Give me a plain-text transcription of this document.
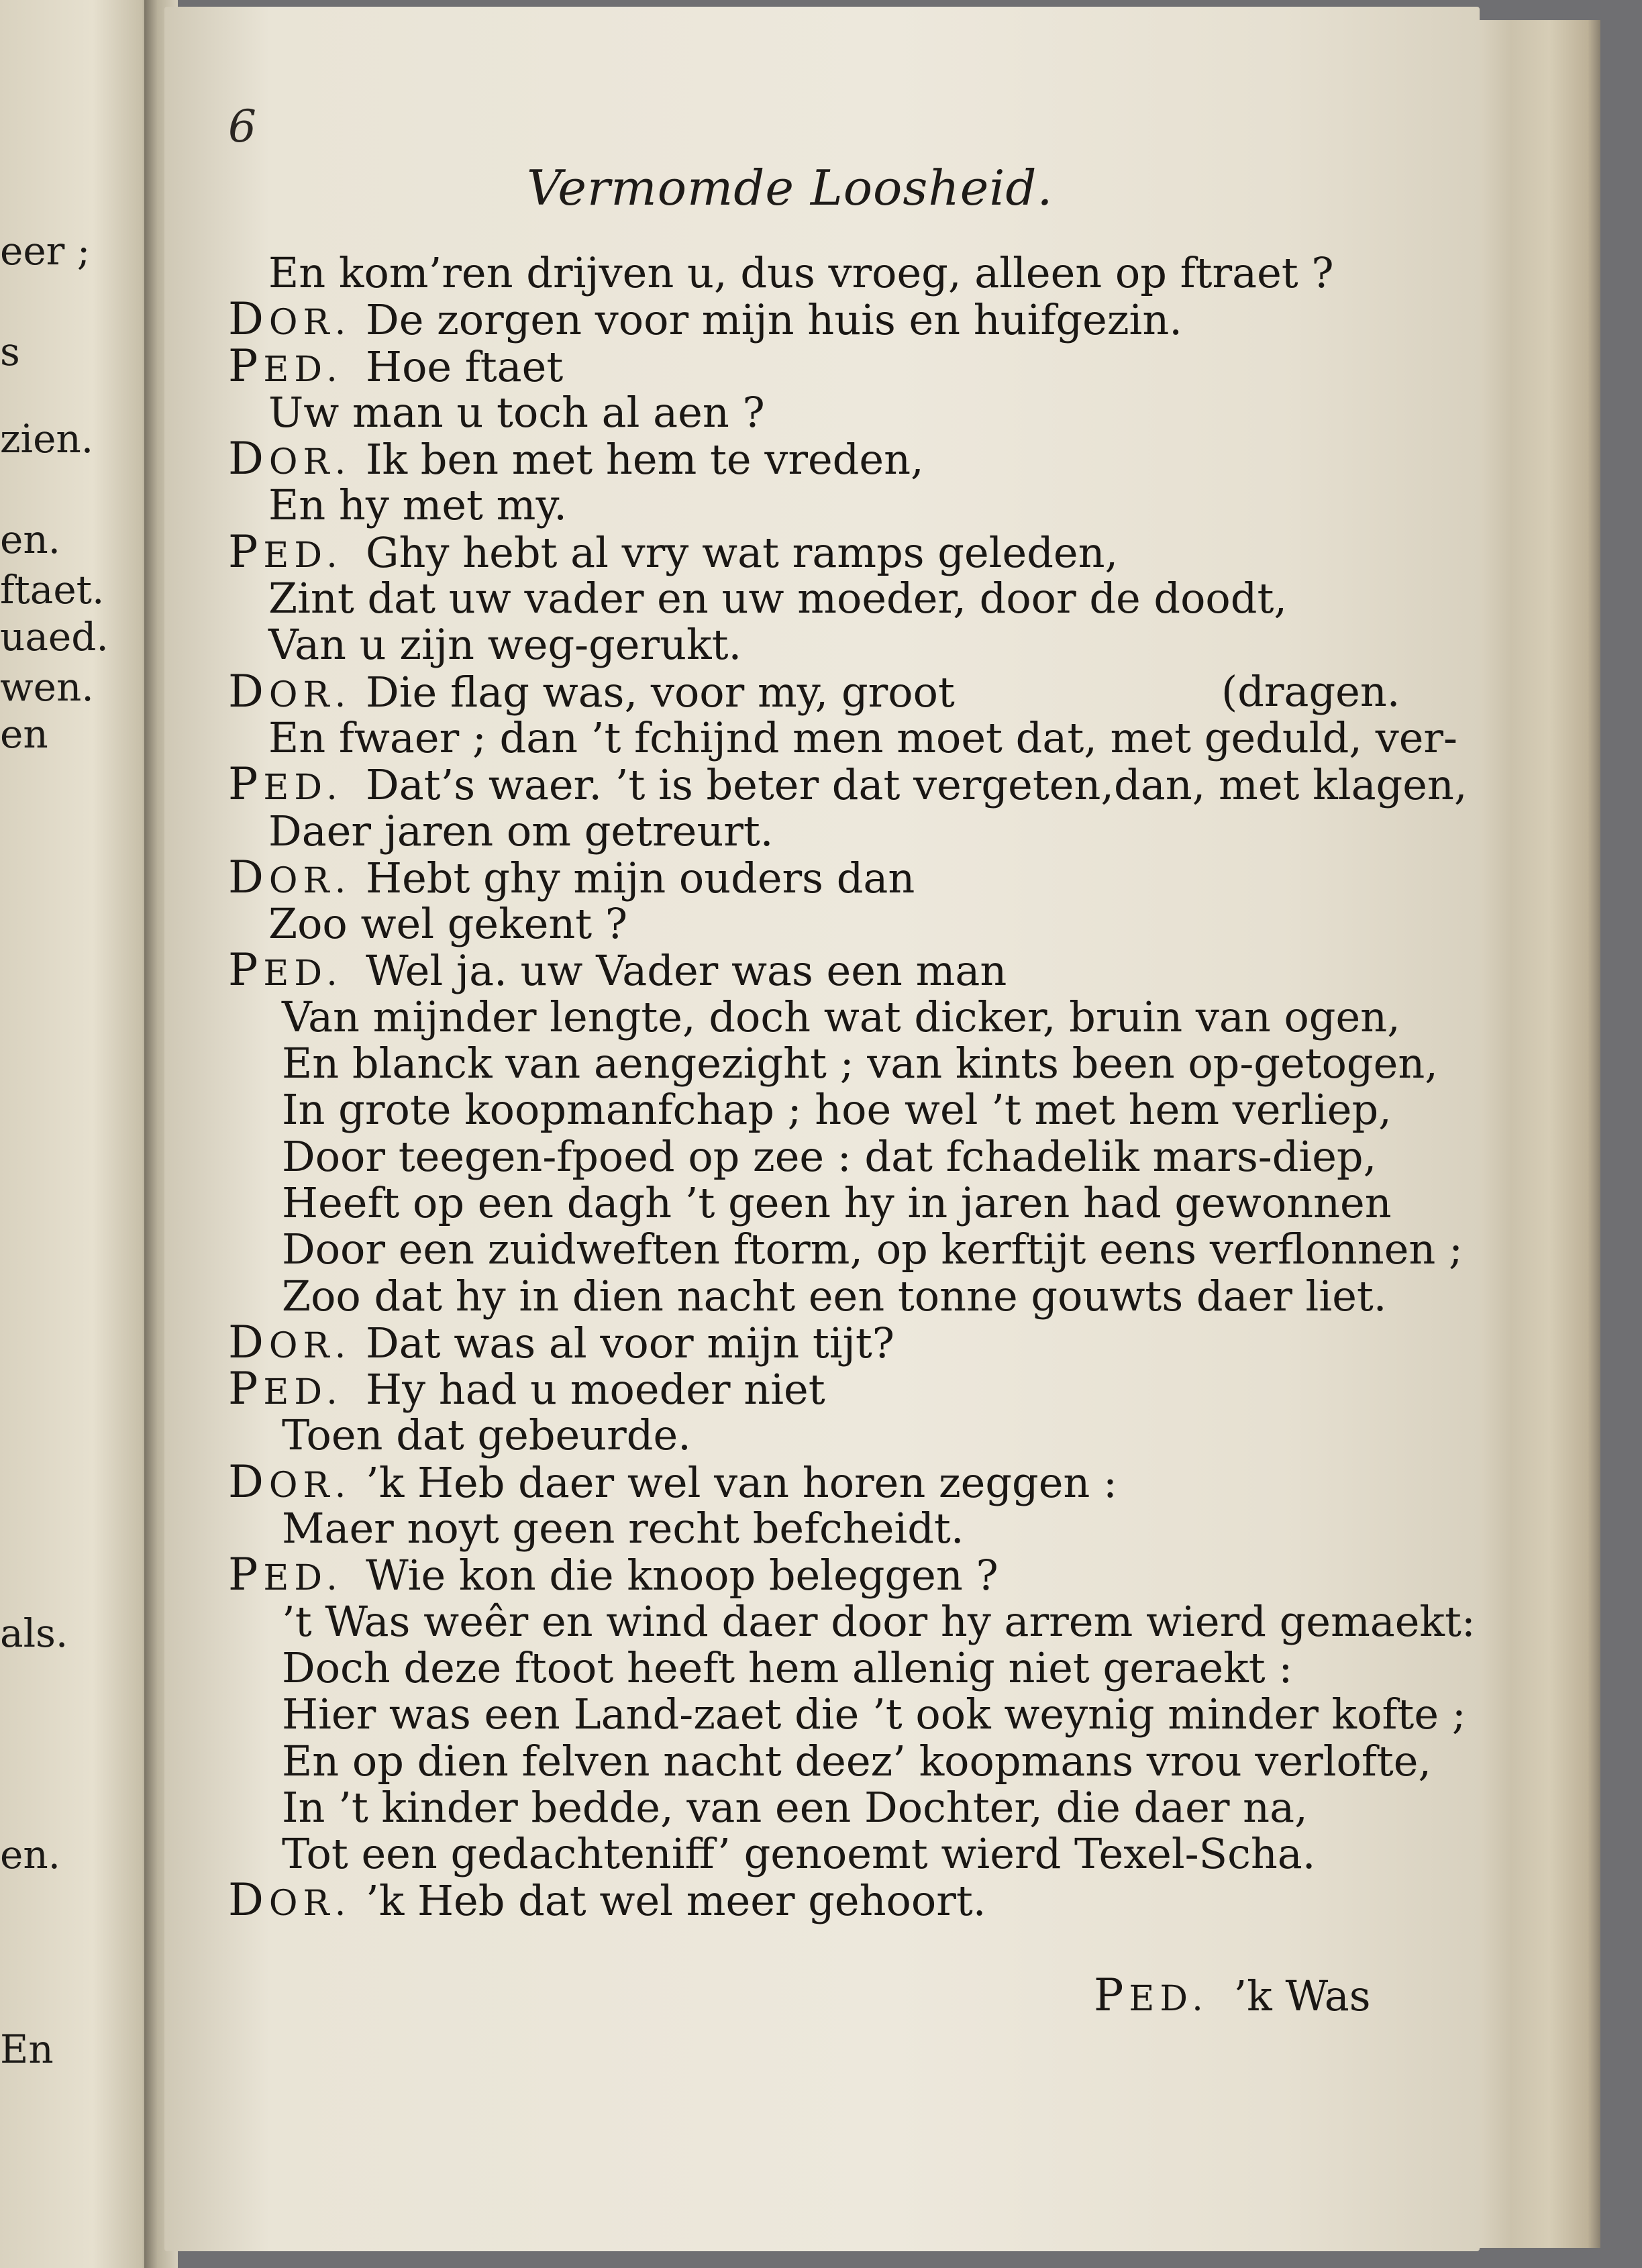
eer ;
s
zien.
en.
ftaet.
uaed.
wen.
en
als.
en.
En
6
Vermomde Loosheid.
En kom’ren drijven u, dus vroeg, alleen op ftraet ?
DOR. De zorgen voor mijn huis en huifgezin.
PED. Hoe ftaet
Uw man u toch al aen ?
DOR. Ik ben met hem te vreden,
En hy met my.
PED. Ghy hebt al vry wat ramps geleden,
Zint dat uw vader en uw moeder, door de doodt,
Van u zijn weg-gerukt.
DOR. Die flag was, voor my, groot	(dragen.
En fwaer ; dan ’t fchijnd men moet dat, met geduld, ver-
PED. Dat’s waer. ’t is beter dat vergeten,dan, met klagen,
Daer jaren om getreurt.
DOR. Hebt ghy mijn ouders dan
Zoo wel gekent ?
PED. Wel ja. uw Vader was een man
Van mijnder lengte, doch wat dicker, bruin van ogen,
En blanck van aengezight ; van kints been op-getogen,
In grote koopmanfchap ; hoe wel ’t met hem verliep,
Door teegen-fpoed op zee : dat fchadelik mars-diep,
Heeft op een dagh ’t geen hy in jaren had gewonnen
Door een zuidweften ftorm, op kerftijt eens verflonnen ;
Zoo dat hy in dien nacht een tonne gouwts daer liet.
DOR. Dat was al voor mijn tijt?
PED. Hy had u moeder niet
Toen dat gebeurde.
DOR. ’k Heb daer wel van horen zeggen :
Maer noyt geen recht befcheidt.
PED. Wie kon die knoop beleggen ?
’t Was weêr en wind daer door hy arrem wierd gemaekt:
Doch deze ftoot heeft hem allenig niet geraekt :
Hier was een Land-zaet die ’t ook weynig minder kofte ;
En op dien felven nacht deez’ koopmans vrou verlofte,
In ’t kinder bedde, van een Dochter, die daer na,
Tot een gedachteniff’ genoemt wierd Texel-Scha.
DOR. ’k Heb dat wel meer gehoort.
PED. ’k Was
